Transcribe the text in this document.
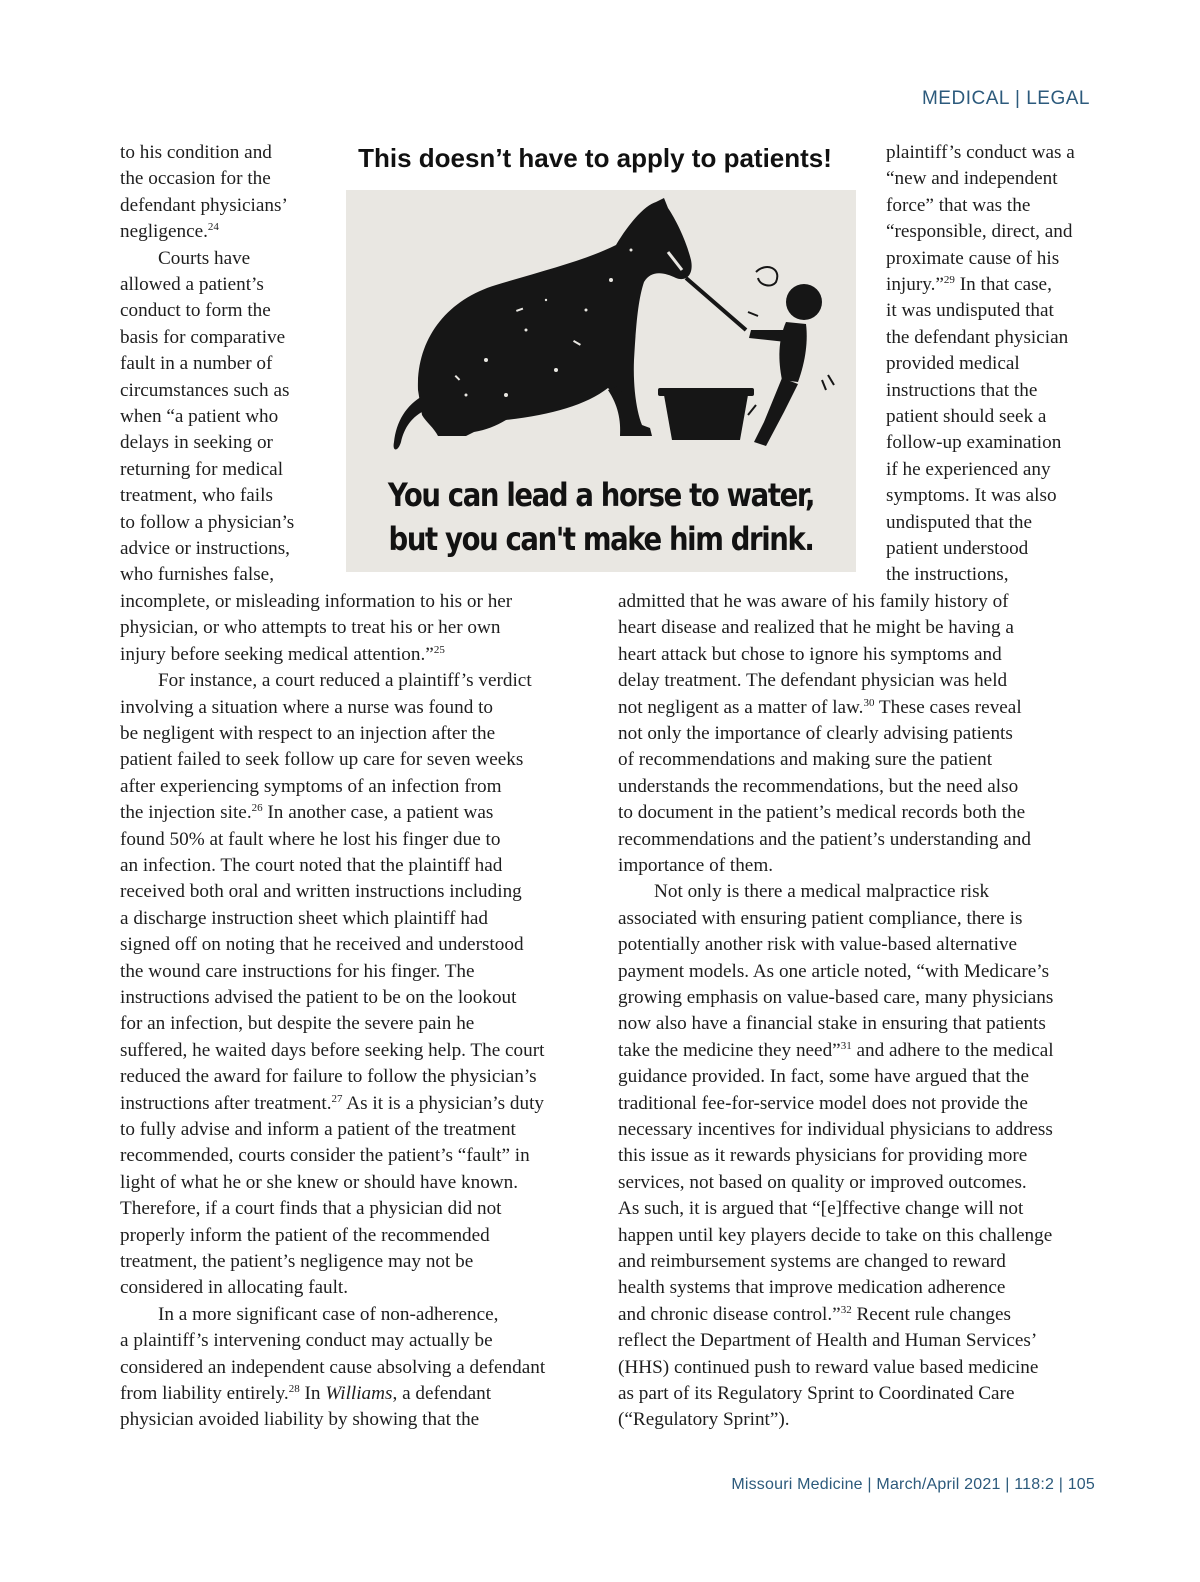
MEDICAL | LEGAL
to his condition and
the occasion for the
defendant physicians’
negligence.$^{24}$
Courts have
allowed a patient’s
conduct to form the
basis for comparative
fault in a number of
circumstances such as
when “a patient who
delays in seeking or
returning for medical
treatment, who fails
to follow a physician’s
advice or instructions,
who furnishes false,
This doesn’t have to apply to patients!
You can lead a horse to water,
but you can't make him drink.
plaintiff’s conduct was a
“new and independent
force” that was the
“responsible, direct, and
proximate cause of his
injury.”$^{29}$ In that case,
it was undisputed that
the defendant physician
provided medical
instructions that the
patient should seek a
follow-up examination
if he experienced any
symptoms. It was also
undisputed that the
patient understood
the instructions,
incomplete, or misleading information to his or her
physician, or who attempts to treat his or her own
injury before seeking medical attention.”$^{25}$
For instance, a court reduced a plaintiff’s verdict
involving a situation where a nurse was found to
be negligent with respect to an injection after the
patient failed to seek follow up care for seven weeks
after experiencing symptoms of an infection from
the injection site.$^{26}$ In another case, a patient was
found 50% at fault where he lost his finger due to
an infection. The court noted that the plaintiff had
received both oral and written instructions including
a discharge instruction sheet which plaintiff had
signed off on noting that he received and understood
the wound care instructions for his finger. The
instructions advised the patient to be on the lookout
for an infection, but despite the severe pain he
suffered, he waited days before seeking help. The court
reduced the award for failure to follow the physician’s
instructions after treatment.$^{27}$ As it is a physician’s duty
to fully advise and inform a patient of the treatment
recommended, courts consider the patient’s “fault” in
light of what he or she knew or should have known.
Therefore, if a court finds that a physician did not
properly inform the patient of the recommended
treatment, the patient’s negligence may not be
considered in allocating fault.
In a more significant case of non-adherence,
a plaintiff’s intervening conduct may actually be
considered an independent cause absolving a defendant
from liability entirely.$^{28}$ In Williams, a defendant
physician avoided liability by showing that the
admitted that he was aware of his family history of
heart disease and realized that he might be having a
heart attack but chose to ignore his symptoms and
delay treatment. The defendant physician was held
not negligent as a matter of law.$^{30}$ These cases reveal
not only the importance of clearly advising patients
of recommendations and making sure the patient
understands the recommendations, but the need also
to document in the patient’s medical records both the
recommendations and the patient’s understanding and
importance of them.
Not only is there a medical malpractice risk
associated with ensuring patient compliance, there is
potentially another risk with value-based alternative
payment models. As one article noted, “with Medicare’s
growing emphasis on value-based care, many physicians
now also have a financial stake in ensuring that patients
take the medicine they need”$^{31}$ and adhere to the medical
guidance provided. In fact, some have argued that the
traditional fee-for-service model does not provide the
necessary incentives for individual physicians to address
this issue as it rewards physicians for providing more
services, not based on quality or improved outcomes.
As such, it is argued that “[e]ffective change will not
happen until key players decide to take on this challenge
and reimbursement systems are changed to reward
health systems that improve medication adherence
and chronic disease control.”$^{32}$ Recent rule changes
reflect the Department of Health and Human Services’
(HHS) continued push to reward value based medicine
as part of its Regulatory Sprint to Coordinated Care
(“Regulatory Sprint”).
Missouri Medicine | March/April 2021 | 118:2 | 105
